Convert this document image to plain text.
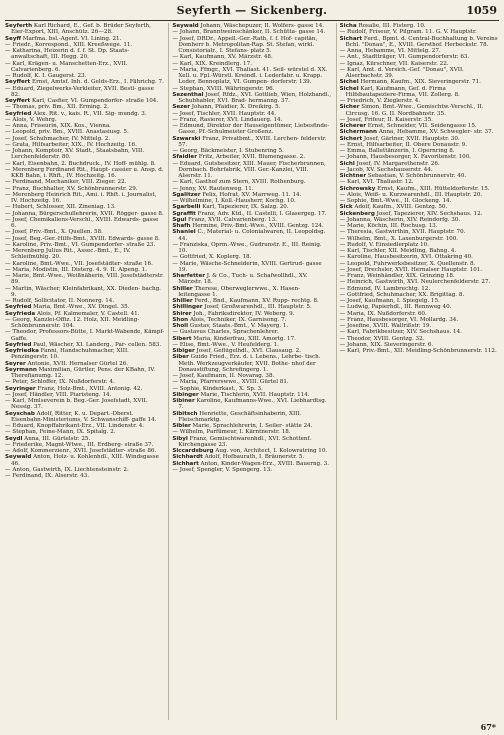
Seyferth — Sickenberg.	1059
Seyferth Karl Richard, E., Gef. b. Brüder Seyferth, Eier-Export, XIII, Anschütz. 26—28.
Seyff Marfma. bsl.-Agent. VI. Lining. 21.
— Friedr., Korrespond., XIII. Kreeßwege. 11.
— Katharina, Heizerin d. f. f. St. Dp. Staats- anwaltschaft, III. Hegg. 20.
— Karl, Krägen- u. Manschetten-Erz., XVII. Calvarienberg. 6.
— Rudolf, K. I. Gaugerst. 23.
Seyffert Ernst, Amtsf. Inh. d. Gelds-Erz., I. Fährichg. 7.
— Eduard, Ziegelwerks-Verkleiter, XVII. Bestl- gasse 82.
Seyffert Karl, Casfier, VI. Gumpendorfer- straße 104.
— Thomas, priv. Bm., XII. Erming. 2.
Seyfried Alex. Rit. v., kais. R., VII. Sig- mundg. 3.
— Alois, V. Wehrg.
— Anna, Friseurin, XIX. Kos., Vienna.
— Leopold, priv. Bm., XVIII. Anastasiusg. 5.
— Josef, Schuhmacher, IV. Mittelg. 2.
— Grata, Hilfsarbeiter, XIX., IV. Hochzeitg. 16.
— Johann, Komptoir, XV. Stadt., Staatsbahn, VIII. Lerchenfelderstr. 80.
— Karl, Eisenbahn, 2. Buchdruck., IV. Hoff- mühlg. 8.
— Merenberg Ferdinand Rit., Haupt- cassier u. Ansp. d. KKB Bahn, i. Rhft., IV. Hochzeitg. 16.
— Ferdinand, Mechaniker, VIII. Zieger. 22.
— Franz, Buchhalter, XV. Schönbrunnerstr. 29.
— Merenberg Heinrich Rit., Ami. i. Rhft. i. Journalist, IV. Hochzeitg. 16.
— Hubert, Schlosser, XII. Zineniag. 13.
— Johanna, Bürgerschullehrerin, XVII. Rögger- gasse 8.
— Josef, Chemikaliens-Verschl., XVIII. Edwards- gasse 6.
— Josef, Priv.-Bmt., X. Quellen. 58.
— Josef, Beg.-Ger.-Hilfs-Bmt., XVIII. Edwards- gasse 8.
— Karoline, Priv.-Bmt., VI. Gumpendorfer- straße 23.
— Merenberg Julius Rit., Assec.-Bmt., E., IV. Schleifmühlg. 20.
— Karoline, Bmt.-Wwe., VII. Josefstädter- straße 16.
— Maria, Modistin, III. Disterg. 4. 9. II. Alpeng. 1.
— Marie, Bmt.-Wwe., Weißnäherin, VIII. Josefstädterstr. 89.
— Martin, Wäscher, Kleinfabrikant, XX. Dieden- bachg. 9.
— Rudolf, Sollicitator, II. Nonnerg. 14.
Seyfried Maria, Bmt.-Wwe., XV. Dingel. 35.
Seyfrieda Alois, Pf. Kalmemaler, V. Castell. 41.
— Georg, Kanzlei-Offiz. 12. Holz, XII. Meidling- Schönbrunnerstr. 104.
— Theodor, Professors-Bütte, I. Markt-Wabende, Kämpf-Gaffe.
Seyfried Paul, Wäscher, XI. Landerg., Par- cellen. 583.
Seyfriedka Fanni, Handschuhmacher, XIII. Penzingerstr. 10.
Seyrer Antonie, XVII. Hernalser Gürtel 26.
Seyrmann Maximilian, Gürtler, Pens. der KBahn, IV. Therefianumg. 12.
— Peter, Schloffer, IX. Nußdorferstr. 4.
Seyringer Franz, Holz-Bmt., XVIII. Antonig. 42.
— Josef, Händler, VIII. Piaristeng. 14.
— Karl, Mmlseverein b. Beg.-Ger. Josefstadt, XVII. Nessig. 37.
Seyschab Adolf, Ritter, K. u. Depart.-Dberst. Eisenbahn-Ministeriums, V. Schwanschiff- gaffe 14.
— Eduard, Knopffabrikant-Erz., VII. Lindenstr. 4.
— Stephan, Feine-Mann, IX. Spitalg. 2.
Seydl Anna, III. Gürtelstr. 25.
— Friederike, Magnt-Wtwe., III. Erdberg- straße 37.
— Adolf, Kommerzienr., XVII. Josefstädter- straße 86.
Seywald Anton, Holz- u. Kohlenhdl., XIII. Windsgasse 46.
— Anton, Gastwirth, IX. Liechtensteinstr. 2.
— Ferdinand, IX. Alserstr. 43.
Seywald Johann, Wäschepuzer, II. Wolfers- gasse 14.
— Johann, Branntweinschänker, II. Schütta- gasse 14.
— Josef, DRDr., Appell.-Ger.-Rath, f. f. Hof- capitän, Domherr b. Metropolitan-Rap. St. Stefan, wirkl. Consistorialr., I. Stefans- platz 5.
— Karl, Kaufmann, XV. Märzstr. 48.
— Karl, XIX. Kreindlerg. 17.
— Maria, Ffmgr., XVI. Thaliast. 41. Seil- würstel d. XX. Xell. u. Fpl.-Würstl. Kreindl. i. Lederfabr. u. Krapp. Leder, Bennoplatz, VI. Gumpen- dorferstr. 139.
— Stephan, XVIII. Währingerstr. 96.
Sezenthal Josef, Rfdz., XVI. Gottlieb, Wien, Holzhandl., Schubhabler, XVI. Brad- hermanng. 37.
Sezer Johann, Pfaidier, X. Dreikirg. 5.
— Josef, Tischler, XVII. Hauptstr. 44.
— Franz, Rasierer, XVI. Lindauerg. 14.
— Edmund, Direktor der Hauseigentümer, Liebesfinde-Gasse, Pf.-Schulmeister Großenz.
Szwarski Franz, Privatbmt., XVIII. Lerchen- felderstr. 57.
— Georg, Bäckmeister, I. Stubenring 5.
Sfaidler Fritz, Arbeiter, XVII. Blumengasse. 2.
— Eduard, Gutsbesitzer, XIII. Mauer, Fischerbrunnen, Dornbach. Bohrfabrik, VIII. Ger.-Kanzlei, VIII. Alserstr. 11.
— Karl, Gasthof zum Stern, XVIII. Rothenburg.
— Jenny, XV. Rautenweg. 11.
Sgalitzer Felix, Hofrat, XV. Marrweg. 11. 14.
— Wilhelmine, I. Koll.-Hausherr, Kochg. 10.
Sgarbelli Karl, Tapezierer, IX. Salzg. 20.
Sgraffit Franz, Adv. Ktd., II. Castelli, I. Glasergeg. 17.
Sgul Franz, XVII. Calvarienberg. 13.
Shafh Hermine, Priv.-Bmt.-Wwe., XVIII. Gentzg. 124.
Shaniel C., Material- u. Colonialwaren, II. Leopoldsg. 44.
— Franziska, Oprm.-Wwe., Gudrunstr. E., III. Reinig. 10.
— Gottfried, X. Koplerg. 18.
— Marie, Wäsche-Schneiderin, XVIII. Gertrud- gasse 19.
Sharfetter J. & Co., Tuch- u. Schafwollhdl., XV. Märzstr. 18.
Shiller Therese, Oberweglerwwe., X. Hasen- leitengasse 1.
Shiller Ferd., Bnd., Kaufmann, XV. Rupp- rechtg. 8.
Shillinger Josef, Großwarenhdl., III. Hauptstr. 5.
Shirer Joh., Fabriksdirektor, IV. Weberg. 9.
Shon Alois, Techniker, IX. Garnisong. 7.
Sholl Gustav, Staats.-Bmt., V. Mayerg. 1.
— Gustavus Charles, Sprachenlehrer.
Sibert Maria, Kinderfrau, XIII. Amortg. 17.
— Elise, Bmt.-Wwe., V. Heufelderg. 1.
Sibiger Josef, Geflügelhdl., XVI. Clausaug. 2.
Siber Guido Fried., Erz. d. i. Lebens., Lehrbe- tisch. Meth. Werkzeugverkäufer, XVII. Bothe- nhof der Donaustiftung, Schrefingerg. 1.
— Josef, Kaufmann, II. Novarag. 38.
— Maria, Pfarrerswwe., XVIII. Gürtel 81.
— Sophie, Kinderkast., X. Sp. 3.
Sibinger Marie, Tischlerin, XVII. Hauptstr. 114.
Sibiner Karoline, Kaufmanns-Wwe., XVI. Liebhardtsg. 7.
Sibitsch Henriette, Geschäftsinhaberin, XIII. Fleischmarktg.
Sibler Marie, Sprachlehrerin, I. Seiler- stätte 24.
— Wilhelm, Parfümeur, I. Kärntnerstr. 18.
Sibyl Franz, Gemischtwarenhdl., XVI. Schottenf. Kirchengasse 23.
Siccardsburg Aug. von, Architect, I. Kolowratring 10.
Sichhardt Adolf, Hofbaurath, I. Bräunerstr. 5.
Sichhart Anton, Kinder-Wagen-Erz., XVIII. Bauerng. 3.
— Josef, Spengler, V. Spengerg. 13.
Sicha Rosalie, III. Fisterg. 10.
— Rudolf, Friseur, V. Pilgram. 11. G. V. Hauptstr.
Sichart Ferd., Bpmt. d. Central-Buchhaltung b. Vereins Bchl. "Donau", E., XVIII. Gersthof. Herbeckstr. 78.
— Anna, Hebamme, VI. Mittelg. 27.
— Ant., Stadtträger, VI. Gumpendorferstr. 63.
— Ignaz, Kürschner, VII. Kaiserstr. 22.
— Karl, Amt. d. Versich.-Gef. "Donau", XVII. Alserbachstr. 39.
Sichel Hermann, Kaufm., XIX. Sieveringerstr. 71.
Sichel Karl, Kaufmann, Gef. d. Firma Hilfsbautapeziere-Firma, VII. Zollerg. 8.
— Friedrich, V. Zieglerstr. 4.
Sicher Simon, Bmt.-Wwe., Gemischtw.-Verschl., II. Circusg. 16. G. II. Nordbahnstr. 35.
— Josef, Frifeur, II. Kaiserstr. 35.
Sicherer Ernst, Schneider, VII. Seidengasse 15.
Sichermann Anna, Hebamme, XV. Schwegler- str. 37.
Sichert Josef, Gärtner, XVII. Hauptstr. 30.
— Ernst, Hilfsarbeiter, II. Obere Donaustr. 9.
— Emma, Ballettänzerin, I. Opernring 8.
— Johann, Hausbesorger, X. Favoritenstr. 100.
Sichl Josef, IV. Margarethenstr. 26.
— Jacob, XV. Sechshauserstr. 44.
Sichtner Sebastian, V. Schönbrunnerstr. 40.
— Karl, XVI. Thaliastr. 12.
Sichrowsky Ernst, Kaufm., XIII. Hütteldorferstr. 15.
— Alois, Weiß- u. Kurzwarenhdl., III. Hauptstr. 20.
— Sophie, Bmt.-Wwe., II. Glockeng. 14.
Sick Adolf, Kaufm., XVIII. Gentzg. 50.
Sickenberg Josef, Tapezierer, XIV. Sechshaus. 12.
— Johanna, Wäscherin, XIV. Reindorfg. 30.
— Marie, Köchin, III. Rochusg. 13.
— Theresia, Gastwirthin, XVII. Hauptstr. 70.
— Wilhelm, Bmt., X. Laxenburgerstr. 100.
— Rudolf, V. Einsiedlerplatz 10.
— Karl, Tischler, XII. Meidling, Bahng. 4.
— Karoline, Hausbesitzerin, XVI. Ottakring 40.
— Leopold, Fuhrwerksbesitzer, X. Quellenstr. 8.
— Josef, Drechsler, XVII. Hernalser Hauptstr. 101.
— Franz, Weinhändler, XIX. Grinzing 18.
— Heinrich, Gastwirth, XVI. Neulerchenfelderstr. 27.
— Edmund, IV. Lambrechtg. 12.
— Gottfried, Schuhmacher, XX. Brigittag. 8.
— Josef, Kaufmann, I. Spiegelg. 15.
— Ludwig, Papierhdl., III. Rennweg 40.
— Maria, IX. Nußdorferstr. 60.
— Franz, Hausbesorger, VI. Mollardg. 34.
— Josefine, XVIII. Wallrißstr. 19.
— Karl, Fabrikbesitzer, XIV. Sechshaus. 14.
— Theodor, XVIII. Gentzg. 32.
— Johann, XIX. Sieveringerstr. 6.
— Karl, Priv.-Bmt., XII. Meidling-Schönbrunnerstr. 112.
67*
